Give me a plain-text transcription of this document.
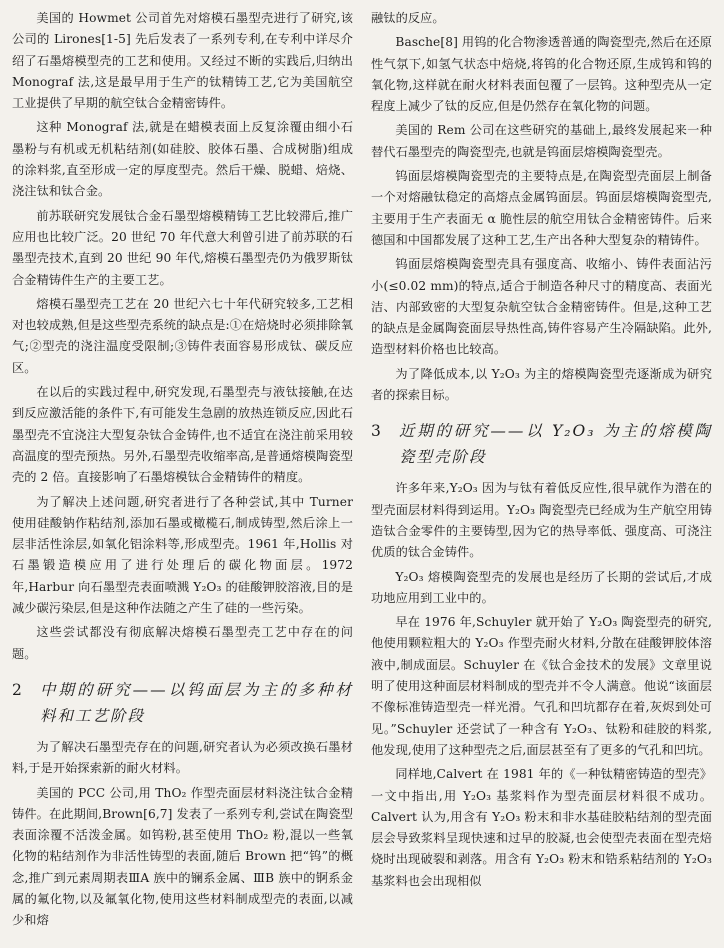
美国的 Howmet 公司首先对熔模石墨型壳进行了研究,该公司的 Lirones[1-5] 先后发表了一系列专利,在专利中详尽介绍了石墨熔模型壳的工艺和使用。又经过不断的实践后,归纳出 Monograf 法,这是最早用于生产的钛精铸工艺,它为美国航空工业提供了早期的航空钛合金精密铸件。

这种 Monograf 法,就是在蜡模表面上反复涂覆由细小石墨粉与有机或无机粘结剂(如硅胶、胶体石墨、合成树脂)组成的涂料浆,直至形成一定的厚度型壳。然后干燥、脱蜡、焙烧、浇注钛和钛合金。

前苏联研究发展钛合金石墨型熔模精铸工艺比较滞后,推广应用也比较广泛。20 世纪 70 年代意大利曾引进了前苏联的石墨型壳技术,直到 20 世纪 90 年代,熔模石墨型壳仍为俄罗斯钛合金精铸件生产的主要工艺。

熔模石墨型壳工艺在 20 世纪六七十年代研究较多,工艺相对也较成熟,但是这些型壳系统的缺点是:①在焙烧时必须排除氧气;②型壳的浇注温度受限制;③铸件表面容易形成钛、碳反应区。

在以后的实践过程中,研究发现,石墨型壳与液钛接触,在达到反应激活能的条件下,有可能发生急剧的放热连锁反应,因此石墨型壳不宜浇注大型复杂钛合金铸件,也不适宜在浇注前采用较高温度的型壳预热。另外,石墨型壳收缩率高,是普通熔模陶瓷型壳的 2 倍。直接影响了石墨熔模钛合金精铸件的精度。

为了解决上述问题,研究者进行了各种尝试,其中 Turner 使用硅酸钠作粘结剂,添加石墨或橄榄石,制成铸型,然后涂上一层非活性涂层,如氧化铝涂料等,形成型壳。1961 年,Hollis 对石墨锻造模应用了进行处理后的碳化物面层。1972 年,Harbur 向石墨型壳表面喷溅 Y₂O₃ 的硅酸钾胶溶液,目的是减少碳污染层,但是这种作法随之产生了硅的一些污染。

这些尝试都没有彻底解决熔模石墨型壳工艺中存在的问题。

2	中期的研究——以钨面层为主的多种材料和工艺阶段

为了解决石墨型壳存在的问题,研究者认为必须改换石墨材料,于是开始探索新的耐火材料。

美国的 PCC 公司,用 ThO₂ 作型壳面层材料浇注钛合金精铸件。在此期间,Brown[6,7] 发表了一系列专利,尝试在陶瓷型表面涂覆不活泼金属。如钨粉,甚至使用 ThO₂ 粉,混以一些氧化物的粘结剂作为非活性铸型的表面,随后 Brown 把“钨”的概念,推广到元素周期表ⅢA 族中的镧系金属、ⅢB 族中的锕系金属的氟化物,以及氟氧化物,使用这些材料制成型壳的表面,以减少和熔

融钛的反应。

Basche[8] 用钨的化合物渗透普通的陶瓷型壳,然后在还原性气氛下,如氢气状态中焙烧,将钨的化合物还原,生成钨和钨的氧化物,这样就在耐火材料表面包覆了一层钨。这种型壳从一定程度上减少了钛的反应,但是仍然存在氧化物的问题。

美国的 Rem 公司在这些研究的基础上,最终发展起来一种替代石墨型壳的陶瓷型壳,也就是钨面层熔模陶瓷型壳。

钨面层熔模陶瓷型壳的主要特点是,在陶瓷型壳面层上制备一个对熔融钛稳定的高熔点金属钨面层。钨面层熔模陶瓷型壳,主要用于生产表面无 α 脆性层的航空用钛合金精密铸件。后来德国和中国都发展了这种工艺,生产出各种大型复杂的精铸件。

钨面层熔模陶瓷型壳具有强度高、收缩小、铸件表面沾污小(≤0.02 mm)的特点,适合于制造各种尺寸的精度高、表面光洁、内部致密的大型复杂航空钛合金精密铸件。但是,这种工艺的缺点是金属陶瓷面层导热性高,铸件容易产生冷隔缺陷。此外,造型材料价格也比较高。

为了降低成本,以 Y₂O₃ 为主的熔模陶瓷型壳逐渐成为研究者的探索目标。

3	近期的研究——以 Y₂O₃ 为主的熔模陶瓷型壳阶段

许多年来,Y₂O₃ 因为与钛有着低反应性,很早就作为潜在的型壳面层材料得到运用。Y₂O₃ 陶瓷型壳已经成为生产航空用铸造钛合金零件的主要铸型,因为它的热导率低、强度高、可浇注优质的钛合金铸件。

Y₂O₃ 熔模陶瓷型壳的发展也是经历了长期的尝试后,才成功地应用到工业中的。

早在 1976 年,Schuyler 就开始了 Y₂O₃ 陶瓷型壳的研究,他使用颗粒粗大的 Y₂O₃ 作型壳耐火材料,分散在硅酸钾胶体溶液中,制成面层。Schuyler 在《钛合金技术的发展》文章里说明了使用这种面层材料制成的型壳并不令人满意。他说“该面层不像标准铸造型壳一样光滑。气孔和凹坑都存在着,灰烬到处可见。”Schuyler 还尝试了一种含有 Y₂O₃、钛粉和硅胶的料浆,他发现,使用了这种型壳之后,面层甚至有了更多的气孔和凹坑。

同样地,Calvert 在 1981 年的《一种钛精密铸造的型壳》一文中指出,用 Y₂O₃ 基浆料作为型壳面层材料很不成功。Calvert 认为,用含有 Y₂O₃ 粉末和非水基硅胶粘结剂的型壳面层会导致浆料呈现快速和过早的胶凝,也会使型壳表面在型壳焙烧时出现破裂和剥落。用含有 Y₂O₃ 粉末和锆系粘结剂的 Y₂O₃ 基浆料也会出现相似
